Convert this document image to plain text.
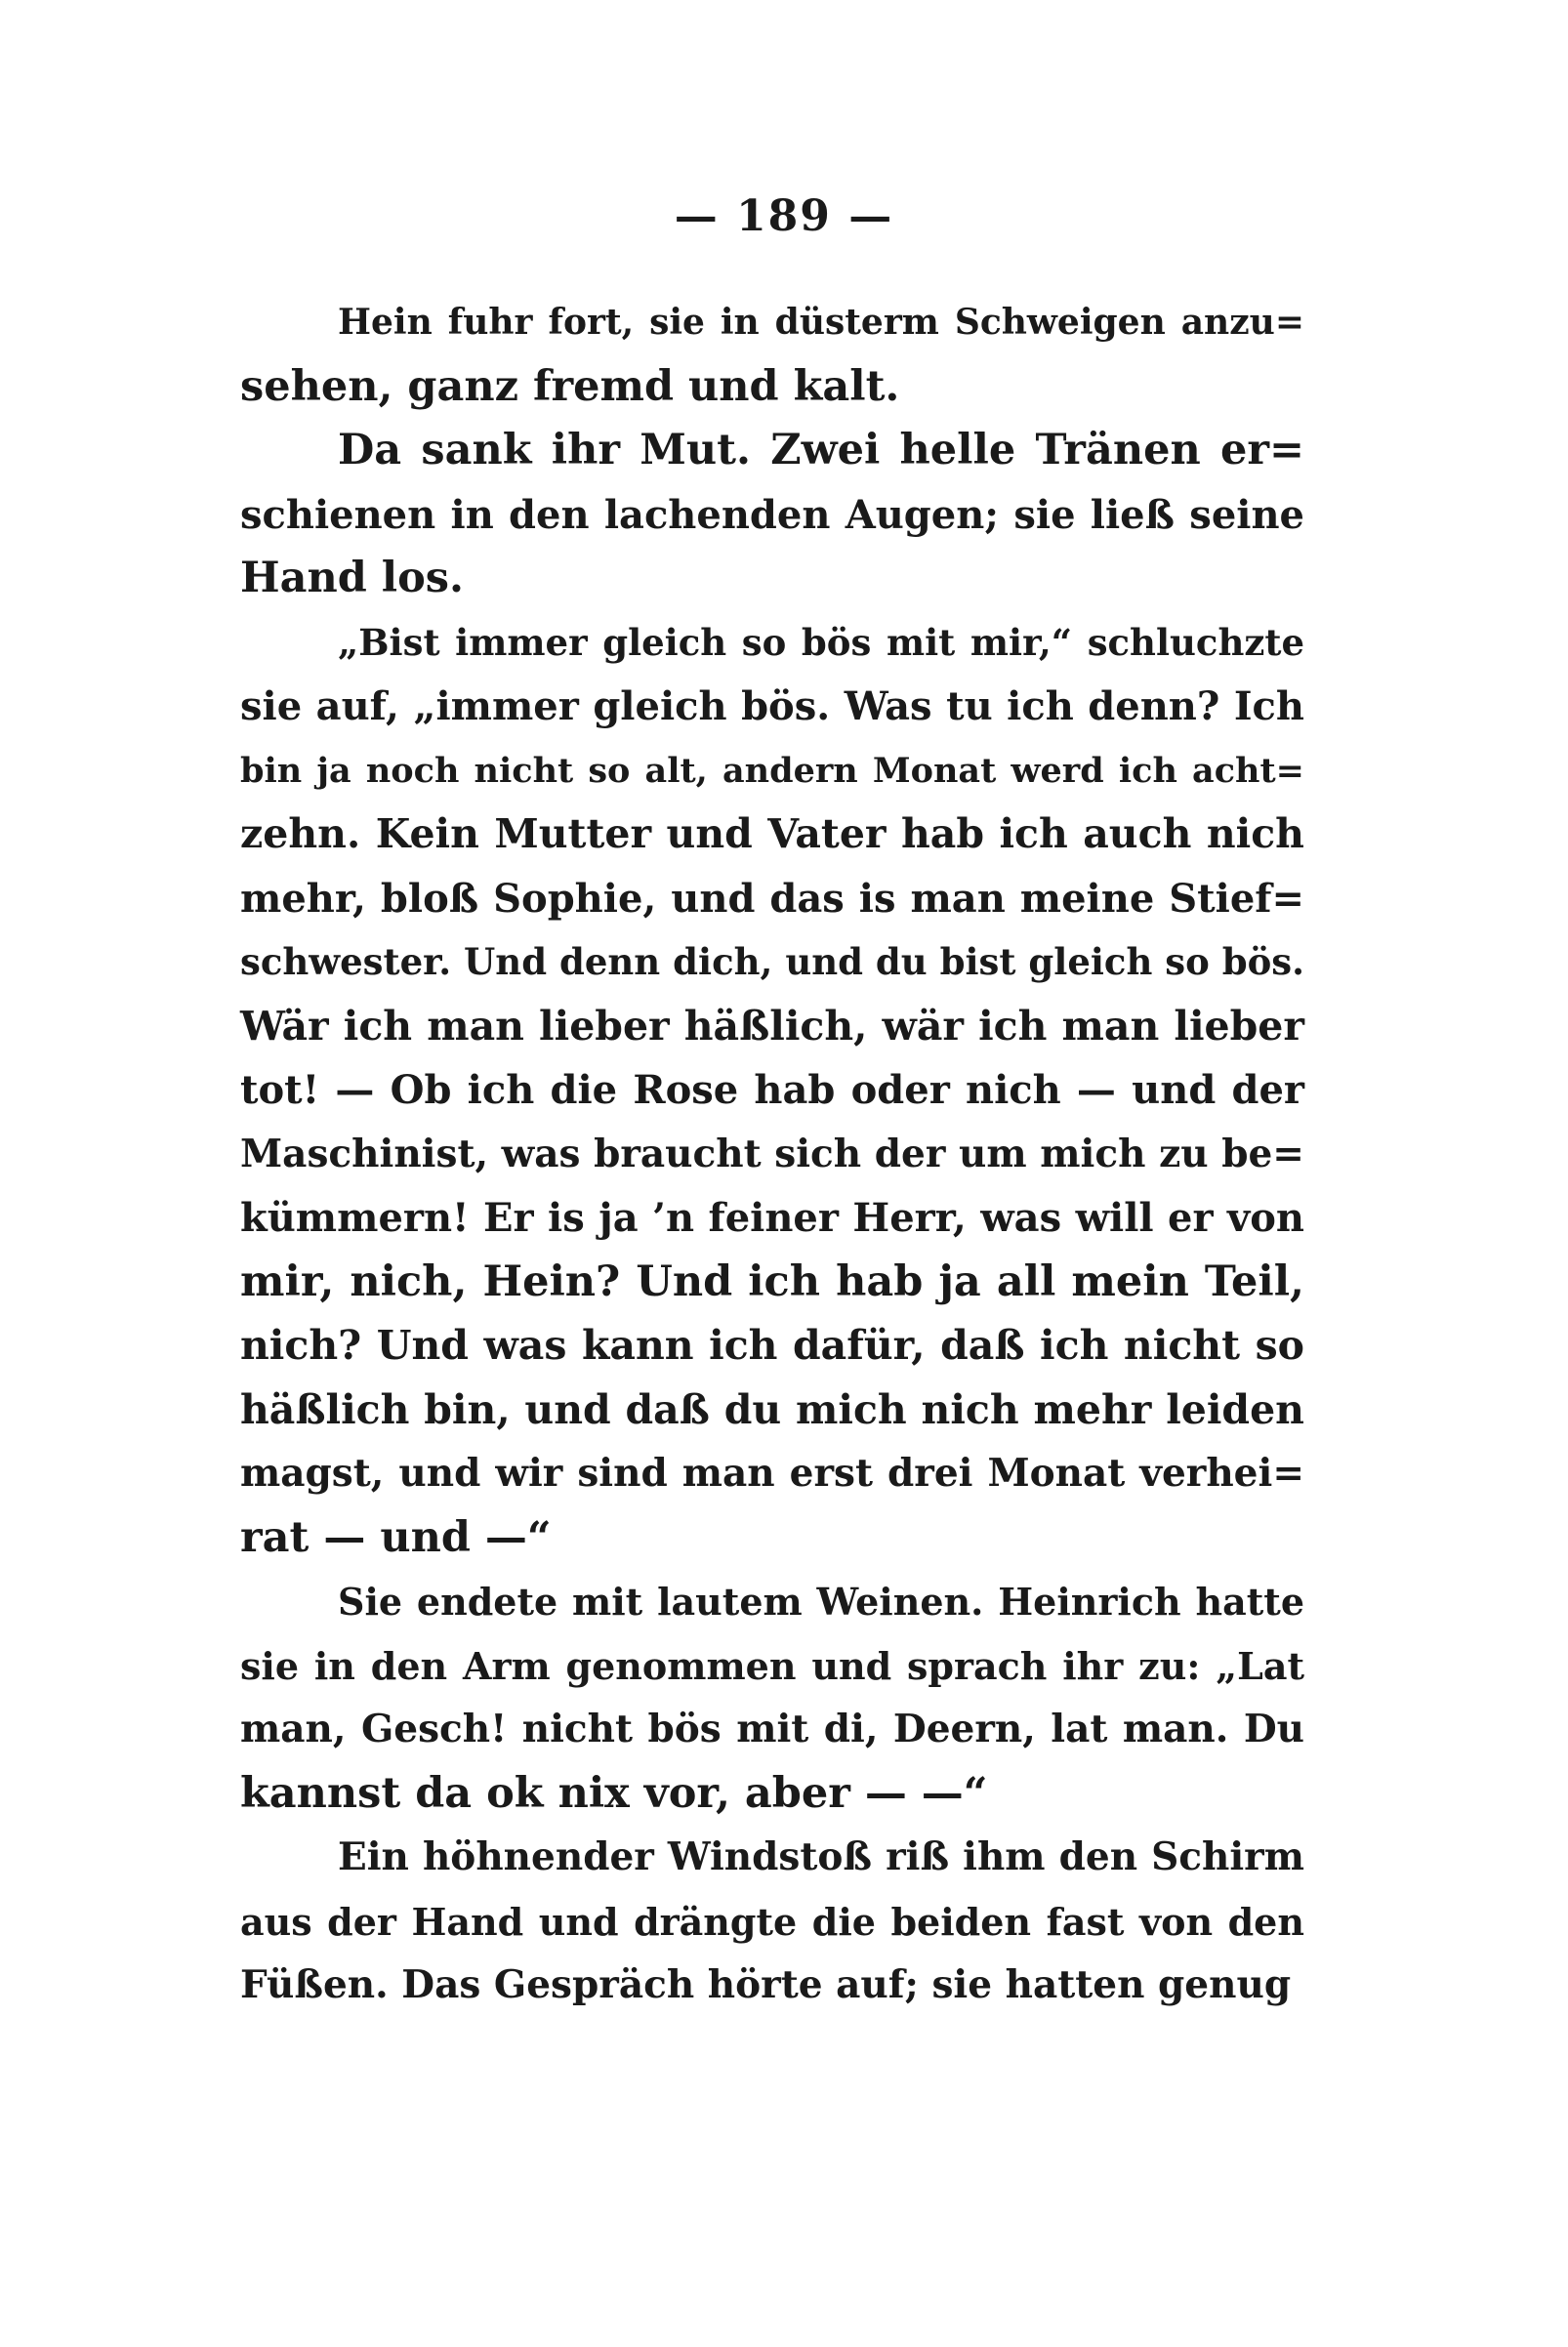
— 189 —
Hein fuhr fort, sie in düsterm Schweigen anzu=
sehen, ganz fremd und kalt.
Da sank ihr Mut. Zwei helle Tränen er=
schienen in den lachenden Augen; sie ließ seine
Hand los.
„Bist immer gleich so bös mit mir,“ schluchzte
sie auf, „immer gleich bös. Was tu ich denn? Ich
bin ja noch nicht so alt, andern Monat werd ich acht=
zehn. Kein Mutter und Vater hab ich auch nich
mehr, bloß Sophie, und das is man meine Stief=
schwester. Und denn dich, und du bist gleich so bös.
Wär ich man lieber häßlich, wär ich man lieber
tot! — Ob ich die Rose hab oder nich — und der
Maschinist, was braucht sich der um mich zu be=
kümmern! Er is ja ’n feiner Herr, was will er von
mir, nich, Hein? Und ich hab ja all mein Teil,
nich? Und was kann ich dafür, daß ich nicht so
häßlich bin, und daß du mich nich mehr leiden
magst, und wir sind man erst drei Monat verhei=
rat — und —“
Sie endete mit lautem Weinen. Heinrich hatte
sie in den Arm genommen und sprach ihr zu: „Lat
man, Gesch! nicht bös mit di, Deern, lat man. Du
kannst da ok nix vor, aber — —“
Ein höhnender Windstoß riß ihm den Schirm
aus der Hand und drängte die beiden fast von den
Füßen. Das Gespräch hörte auf; sie hatten genug
